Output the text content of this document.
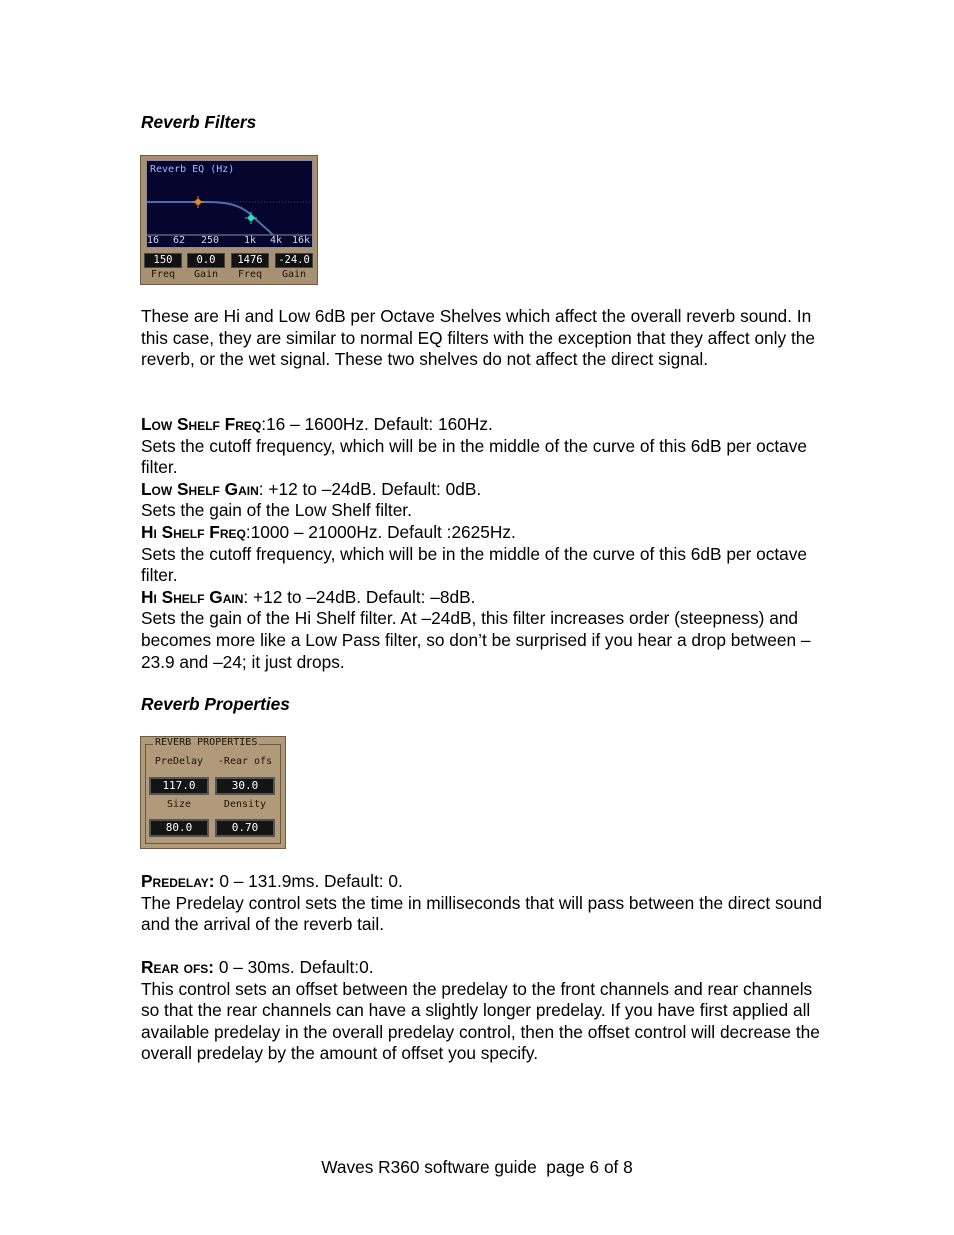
Reverb Filters
Reverb EQ (Hz)
16 62 250 1k 4k 16k
150
Freq
0.0
Gain
1476
Freq
-24.0
Gain

These are Hi and Low 6dB per Octave Shelves which affect the overall reverb sound. In this case, they are similar to normal EQ filters with the exception that they affect only the reverb, or the wet signal. These two shelves do not affect the direct signal.

Low Shelf Freq:16 – 1600Hz. Default: 160Hz.
Sets the cutoff frequency, which will be in the middle of the curve of this 6dB per octave filter.
Low Shelf Gain: +12 to –24dB. Default: 0dB.
Sets the gain of the Low Shelf filter.
Hi Shelf Freq:1000 – 21000Hz. Default :2625Hz.
Sets the cutoff frequency, which will be in the middle of the curve of this 6dB per octave filter.
Hi Shelf Gain: +12 to –24dB. Default: –8dB.
Sets the gain of the Hi Shelf filter. At –24dB, this filter increases order (steepness) and becomes more like a Low Pass filter, so don’t be surprised if you hear a drop between –23.9 and –24; it just drops.
Reverb Properties
REVERB PROPERTIES
PreDelay	-Rear ofs
117.0	30.0
Size	Density
80.0	0.70
Predelay: 0 – 131.9ms. Default: 0.
The Predelay control sets the time in milliseconds that will pass between the direct sound and the arrival of the reverb tail.
Rear ofs: 0 – 30ms. Default:0.
This control sets an offset between the predelay to the front channels and rear channels so that the rear channels can have a slightly longer predelay. If you have first applied all available predelay in the overall predelay control, then the offset control will decrease the overall predelay by the amount of offset you specify.
Waves R360 software guide  page 6 of 8
